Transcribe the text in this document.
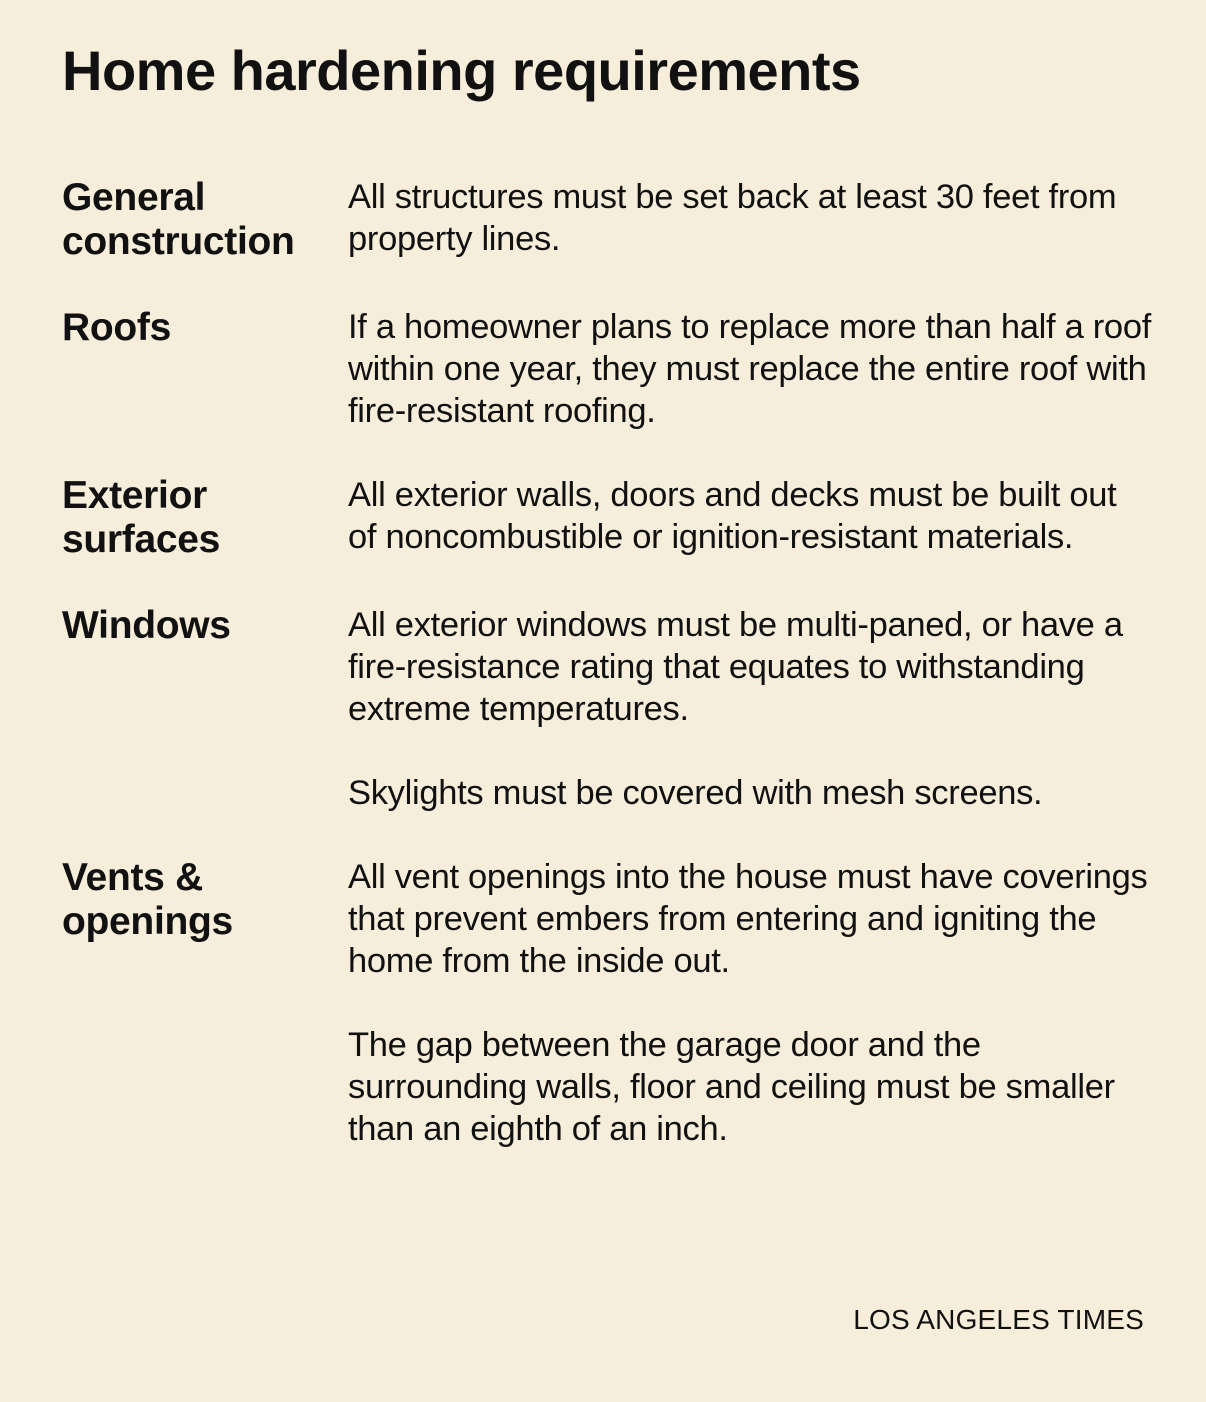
Home hardening requirements
General construction

All structures must be set back at least 30 feet from property lines.

Roofs	If a homeowner plans to replace more than half a roof within one year, they must replace the entire roof with fire-resistant roofing.

Exterior surfaces

All exterior walls, doors and decks must be built out of noncombustible or ignition-resistant materials.

Windows	All exterior windows must be multi-paned, or have a fire-resistance rating that equates to withstanding extreme temperatures.

Skylights must be covered with mesh screens.

Vents & openings

All vent openings into the house must have coverings that prevent embers from entering and igniting the home from the inside out.

The gap between the garage door and the surrounding walls, floor and ceiling must be smaller than an eighth of an inch.

LOS ANGELES TIMES
